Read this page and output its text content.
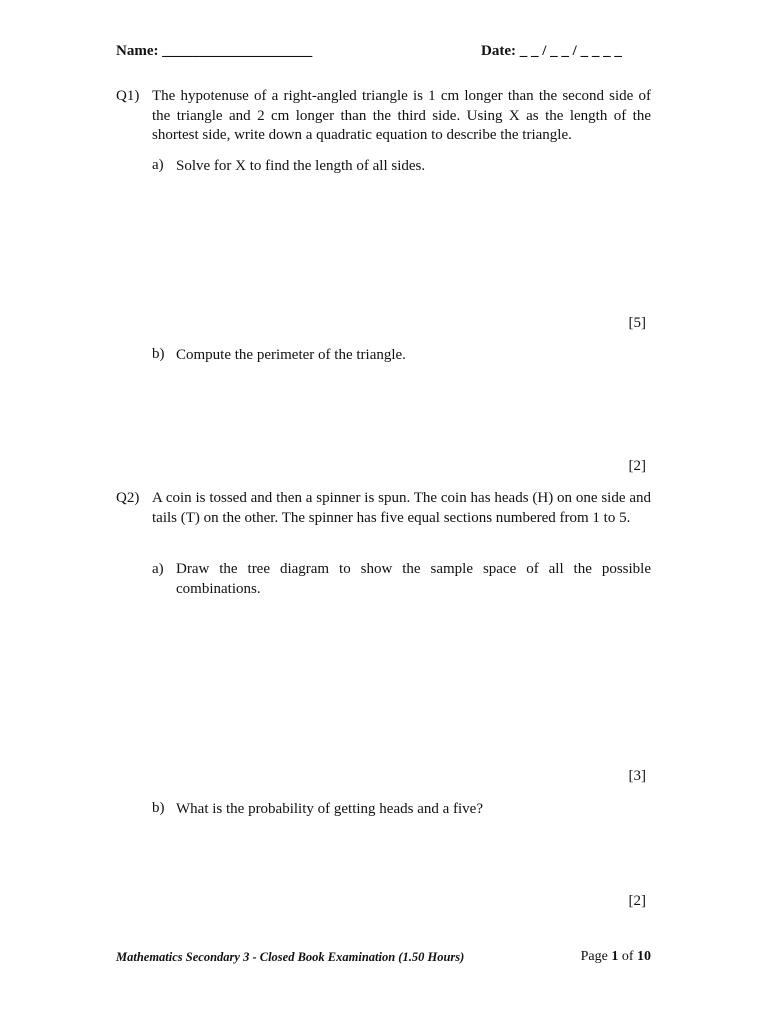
Name: ____________________	Date: _ _ / _ _ / _ _ _ _
Q1) The hypotenuse of a right-angled triangle is 1 cm longer than the second side of the triangle and 2 cm longer than the third side. Using X as the length of the shortest side, write down a quadratic equation to describe the triangle.
a) Solve for X to find the length of all sides.
[5]
b) Compute the perimeter of the triangle.
[2]
Q2) A coin is tossed and then a spinner is spun. The coin has heads (H) on one side and tails (T) on the other. The spinner has five equal sections numbered from 1 to 5.
a) Draw the tree diagram to show the sample space of all the possible combinations.
[3]
b) What is the probability of getting heads and a five?
[2]
Mathematics Secondary 3 - Closed Book Examination (1.50 Hours)	Page 1 of 10
